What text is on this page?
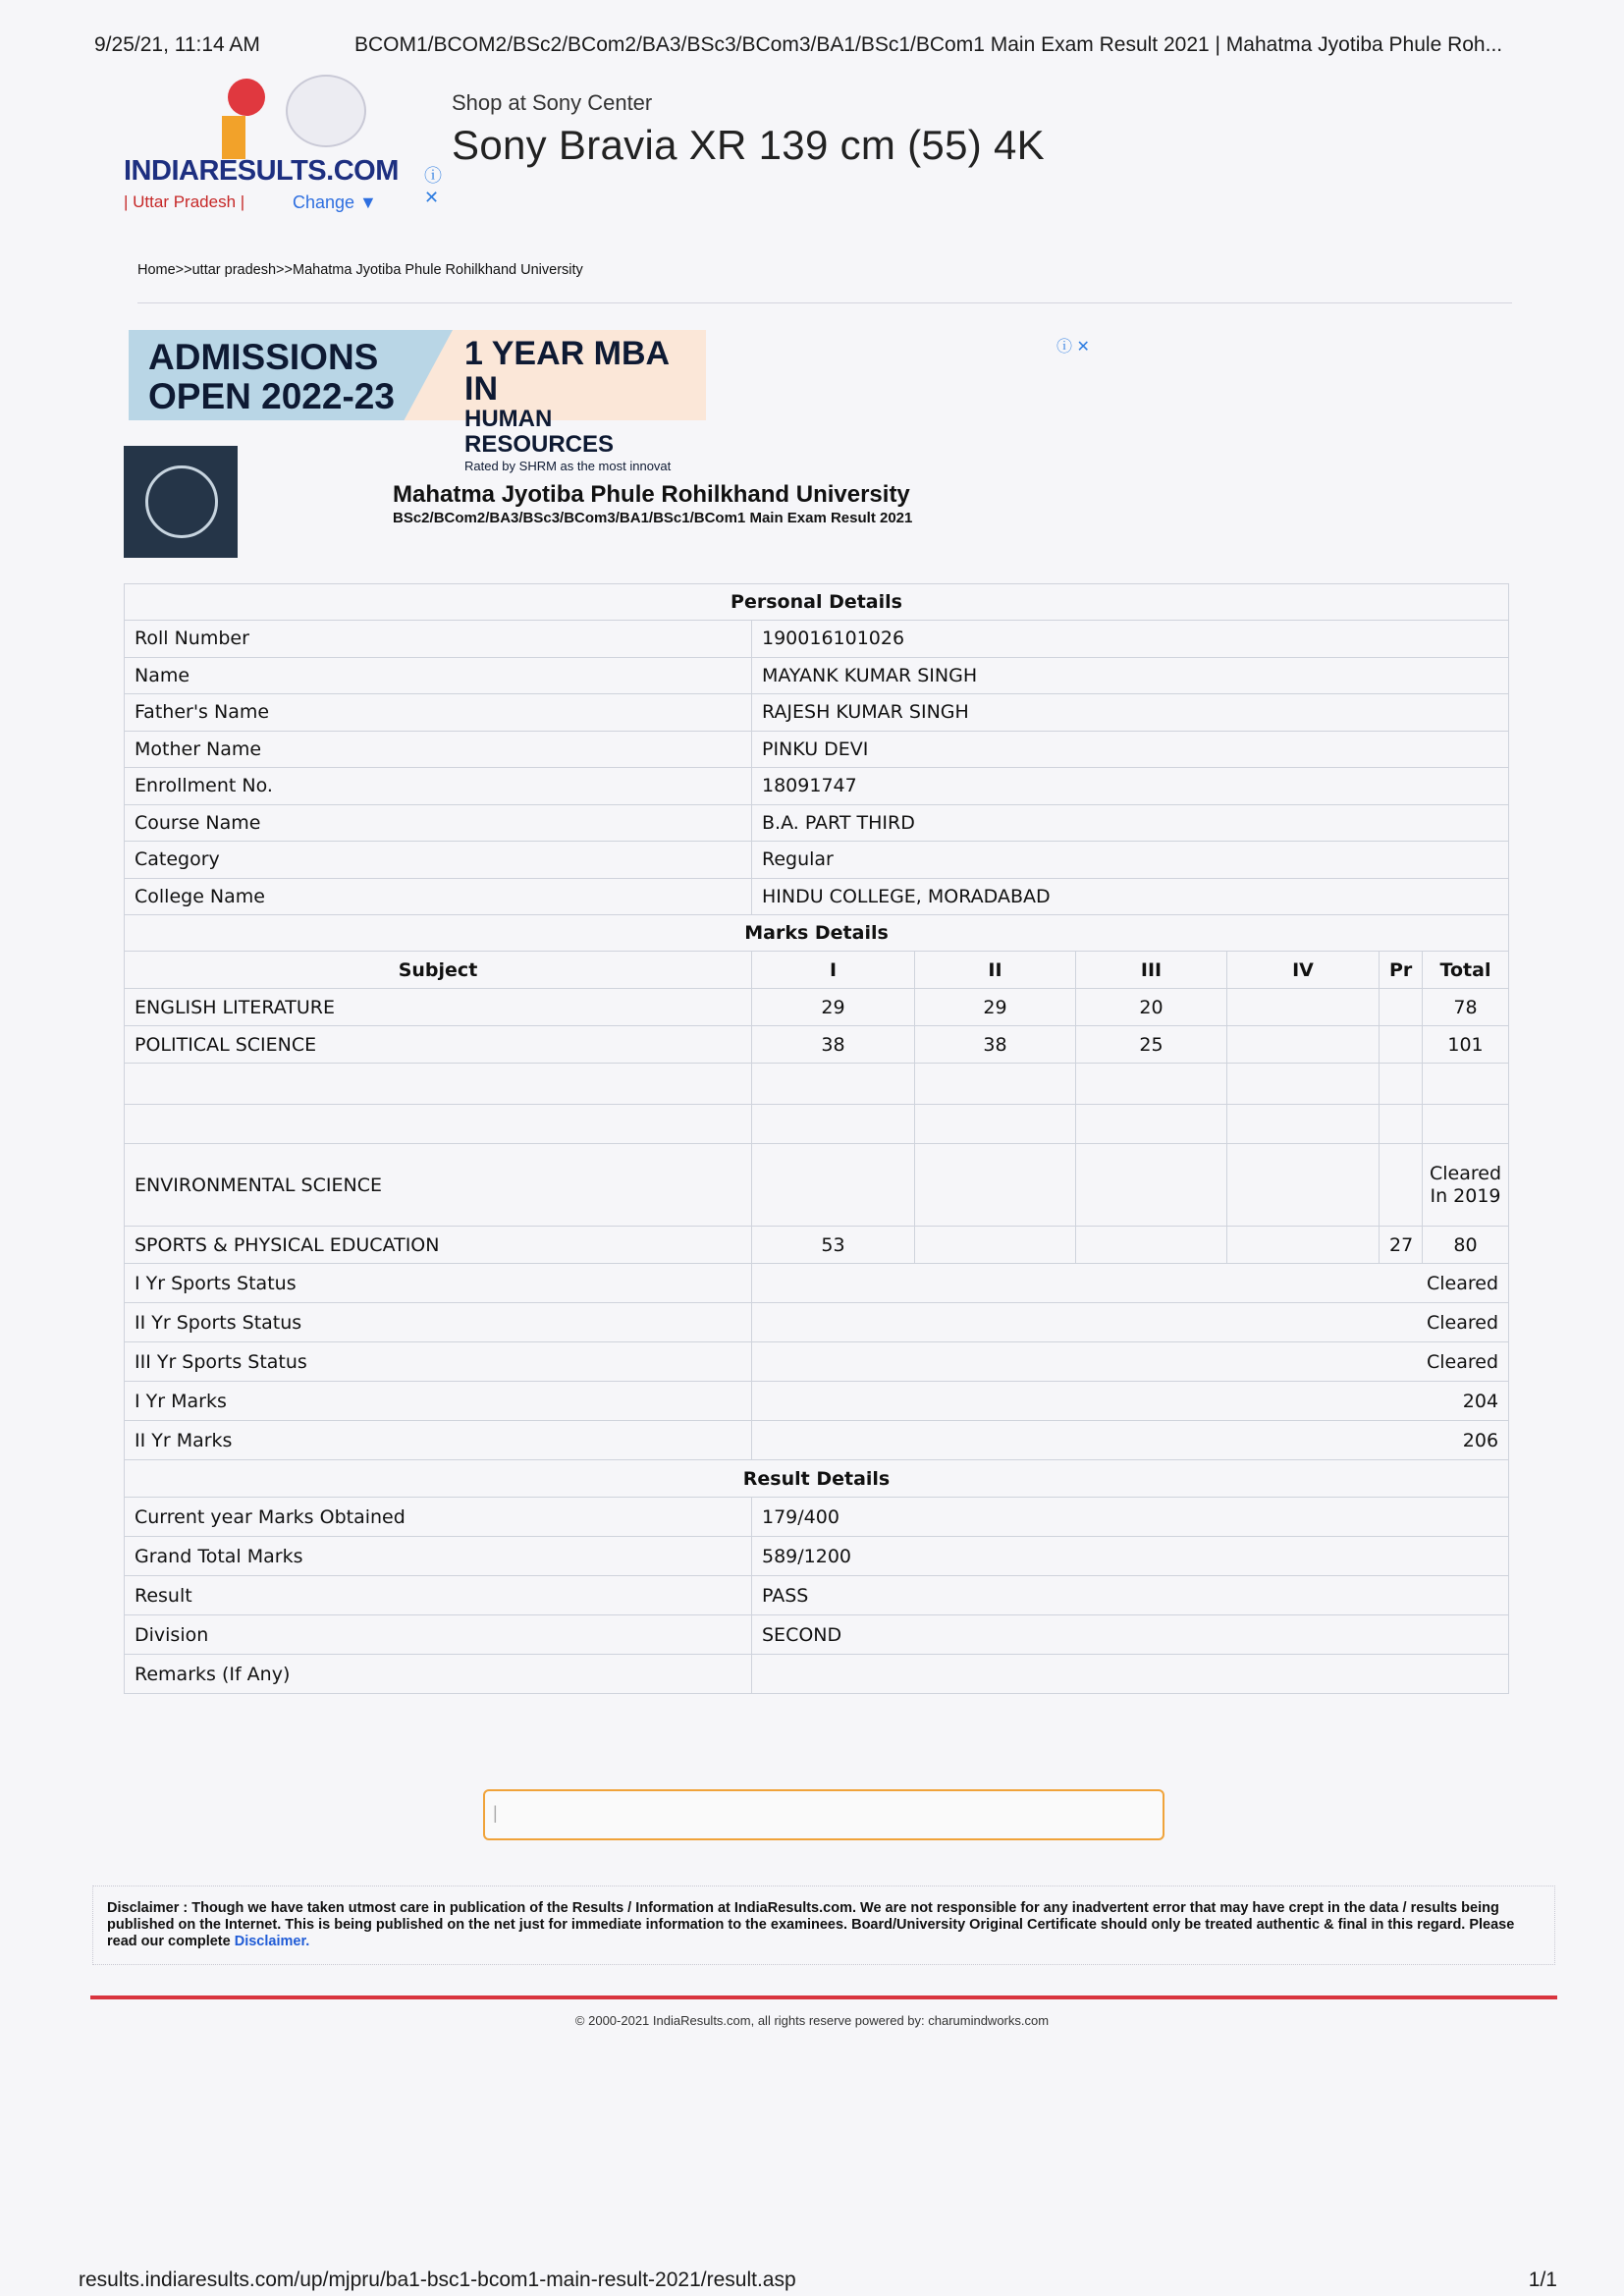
9/25/21, 11:14 AM	BCOM1/BCOM2/BSc2/BCom2/BA3/BSc3/BCom3/BA1/BSc1/BCom1 Main Exam Result 2021 | Mahatma Jyotiba Phule Roh...
INDIARESULTS.COM
| Uttar Pradesh |	Change ▼
ⓘ
✕
Shop at Sony Center
Sony Bravia XR 139 cm (55) 4K
Home>>uttar pradesh>>Mahatma Jyotiba Phule Rohilkhand University
ADMISSIONS
OPEN 2022-23
1 YEAR MBA IN
HUMAN RESOURCES
Rated by SHRM as the most innovat
ⓘ ✕
Mahatma Jyotiba Phule Rohilkhand University
BSc2/BCom2/BA3/BSc3/BCom3/BA1/BSc1/BCom1 Main Exam Result 2021
Personal Details						
Roll Number	190016101026					
Name	MAYANK KUMAR SINGH					
Father's Name	RAJESH KUMAR SINGH					
Mother Name	PINKU DEVI					
Enrollment No.	18091747					
Course Name	B.A. PART THIRD					
Category	Regular					
College Name	HINDU COLLEGE, MORADABAD					
Marks Details						
Subject	I	II	III	IV	Pr	Total
ENGLISH LITERATURE	29	29	20			78
POLITICAL SCIENCE	38	38	25			101

ENVIRONMENTAL SCIENCE						Cleared In 2019
SPORTS & PHYSICAL EDUCATION	53				27	80
I Yr Sports Status	Cleared					
II Yr Sports Status	Cleared					
III Yr Sports Status	Cleared					
I Yr Marks	204					
II Yr Marks	206					
Result Details						
Current year Marks Obtained	179/400					
Grand Total Marks	589/1200					
Result	PASS					
Division	SECOND					
Remarks (If Any)						
|
Disclaimer : Though we have taken utmost care in publication of the Results / Information at IndiaResults.com. We are not responsible for any inadvertent error that may have crept in the data / results being published on the Internet. This is being published on the net just for immediate information to the examinees. Board/University Original Certificate should only be treated authentic & final in this regard. Please read our complete Disclaimer.
© 2000-2021 IndiaResults.com, all rights reserve powered by: charumindworks.com
results.indiaresults.com/up/mjpru/ba1-bsc1-bcom1-main-result-2021/result.asp	1/1
